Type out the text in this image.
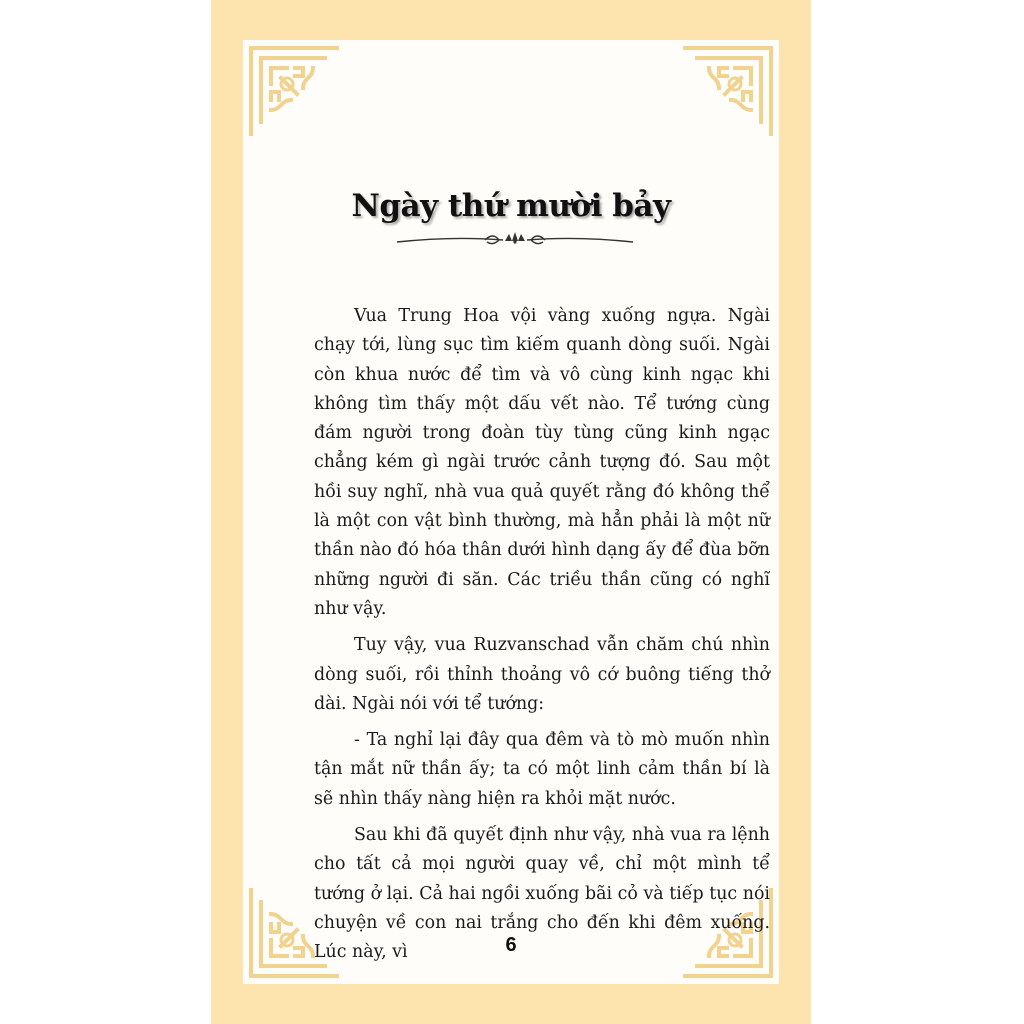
Ngày thứ mười bảy

Vua Trung Hoa vội vàng xuống ngựa. Ngài chạy tới, lùng sục tìm kiếm quanh dòng suối. Ngài còn khua nước để tìm và vô cùng kinh ngạc khi không tìm thấy một dấu vết nào. Tể tướng cùng đám người trong đoàn tùy tùng cũng kinh ngạc chẳng kém gì ngài trước cảnh tượng đó. Sau một hồi suy nghĩ, nhà vua quả quyết rằng đó không thể là một con vật bình thường, mà hẳn phải là một nữ thần nào đó hóa thân dưới hình dạng ấy để đùa bỡn những người đi săn. Các triều thần cũng có nghĩ như vậy.

Tuy vậy, vua Ruzvanschad vẫn chăm chú nhìn dòng suối, rồi thỉnh thoảng vô cớ buông tiếng thở dài. Ngài nói với tể tướng:

- Ta nghỉ lại đây qua đêm và tò mò muốn nhìn tận mắt nữ thần ấy; ta có một linh cảm thần bí là sẽ nhìn thấy nàng hiện ra khỏi mặt nước.

Sau khi đã quyết định như vậy, nhà vua ra lệnh cho tất cả mọi người quay về, chỉ một mình tể tướng ở lại. Cả hai ngồi xuống bãi cỏ và tiếp tục nói chuyện về con nai trắng cho đến khi đêm xuống. Lúc này, vì	6
